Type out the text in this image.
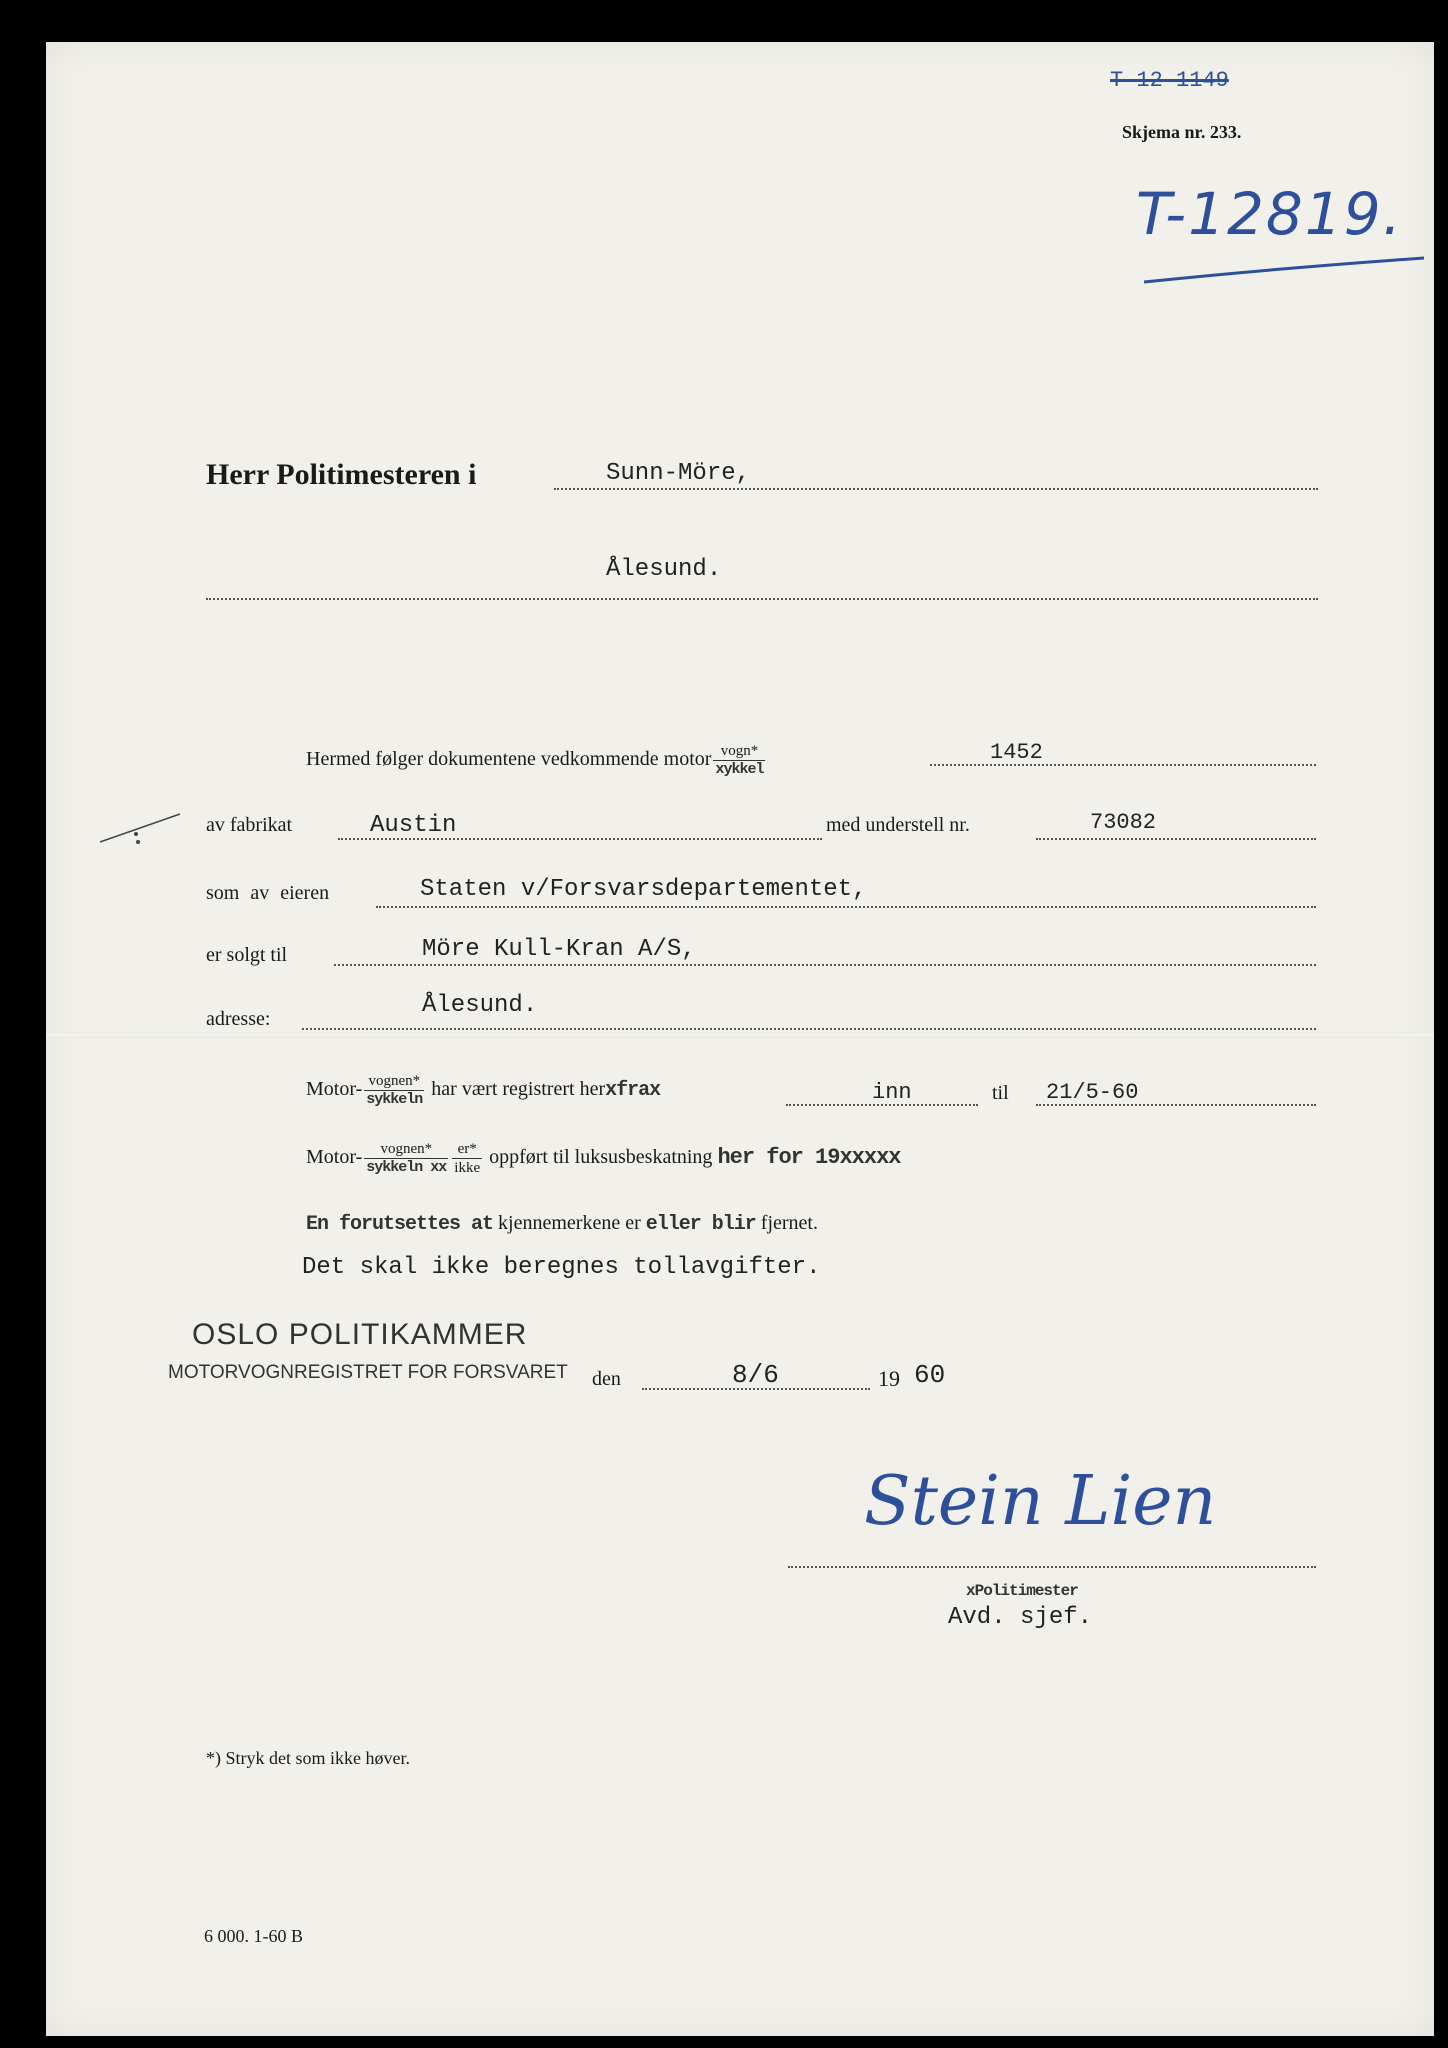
T-12-1149
Skjema nr. 233.
T-12819.
Herr Politimesteren i	Sunn-Möre,
Ålesund.
Hermed følger dokumentene vedkommende motor $\frac{\text{vogn*}}{\text{xykkel}}$	1452
av fabrikat	Austin	med understell nr.	73082
som av eieren	Staten v/Forsvarsdepartementet,
er solgt til	Möre Kull-Kran A/S,
adresse:	Ålesund.
Motor- $\frac{\text{vognen*}}{\text{sykkeln}}$ har vært registrert herxfrax	inn	til 21/5-60
Motor- $\frac{\text{vognen*}}{\text{sykkeln xx}} \frac{er*}{\text{ikke}}$ oppført til luksusbeskatning her for 19xxxxx
En forutsettes at kjennemerkene er eller blir fjernet.
Det skal ikke beregnes tollavgifter.
OSLO POLITIKAMMER
MOTORVOGNREGISTRET FOR FORSVARET den	8/6	19 60
Stein Lien
xPolitimester
Avd. sjef.
*) Stryk det som ikke høver.
6 000. 1-60 B
